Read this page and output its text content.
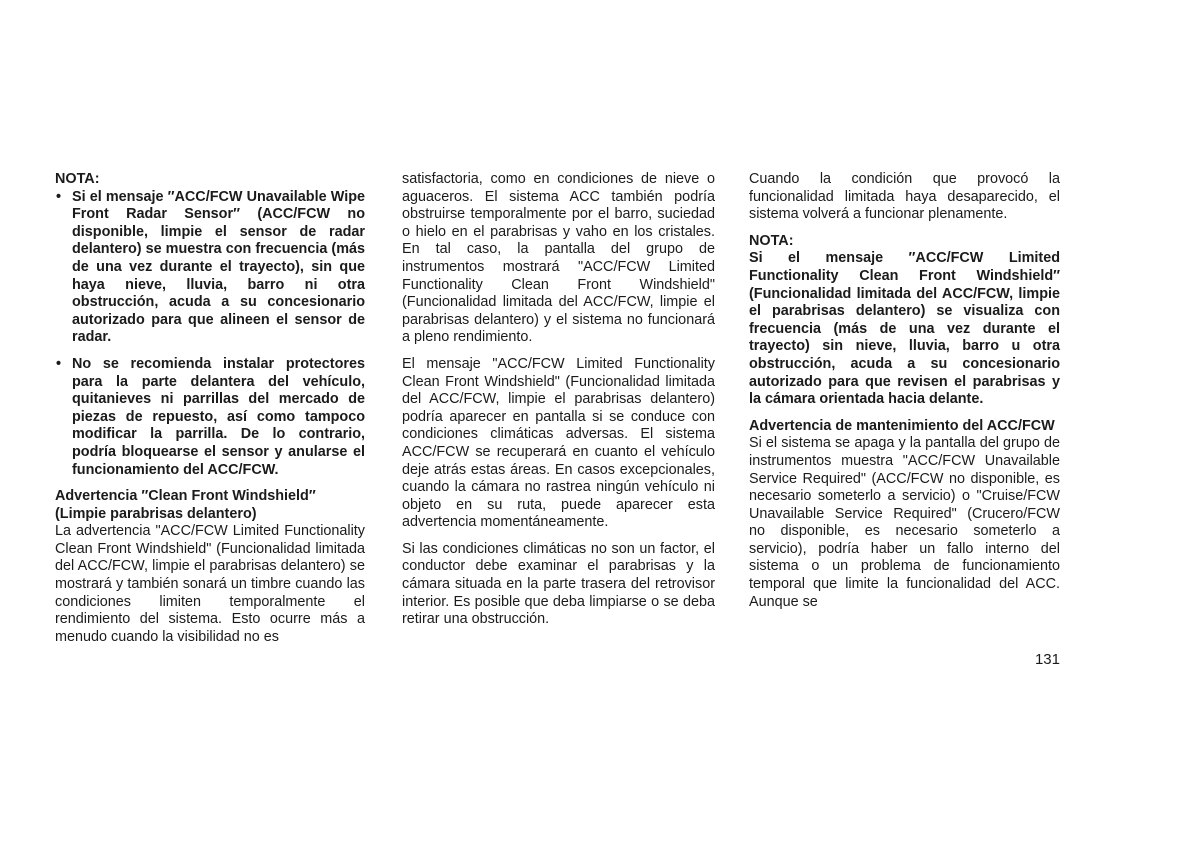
NOTA:

• Si el mensaje ″ACC/FCW Unavailable Wipe Front Radar Sensor″ (ACC/FCW no disponible, limpie el sensor de radar delantero) se muestra con frecuencia (más de una vez durante el trayecto), sin que haya nieve, lluvia, barro ni otra obstrucción, acuda a su concesionario autorizado para que alineen el sensor de radar.
• No se recomienda instalar protectores para la parte delantera del vehículo, quitanieves ni parrillas del mercado de piezas de repuesto, así como tampoco modificar la parrilla. De lo contrario, podría bloquearse el sensor y anularse el funcionamiento del ACC/FCW.

Advertencia ″Clean Front Windshield″ (Limpie parabrisas delantero)

La advertencia "ACC/FCW Limited Functionality Clean Front Windshield" (Funcionalidad limitada del ACC/FCW, limpie el parabrisas delantero) se mostrará y también sonará un timbre cuando las condiciones limiten temporalmente el rendimiento del sistema. Esto ocurre más a menudo cuando la visibilidad no es

satisfactoria, como en condiciones de nieve o aguaceros. El sistema ACC también podría obstruirse temporalmente por el barro, suciedad o hielo en el parabrisas y vaho en los cristales. En tal caso, la pantalla del grupo de instrumentos mostrará "ACC/FCW Limited Functionality Clean Front Windshield" (Funcionalidad limitada del ACC/FCW, limpie el parabrisas delantero) y el sistema no funcionará a pleno rendimiento.

El mensaje "ACC/FCW Limited Functionality Clean Front Windshield" (Funcionalidad limitada del ACC/FCW, limpie el parabrisas delantero) podría aparecer en pantalla si se conduce con condiciones climáticas adversas. El sistema ACC/FCW se recuperará en cuanto el vehículo deje atrás estas áreas. En casos excepcionales, cuando la cámara no rastrea ningún vehículo ni objeto en su ruta, puede aparecer esta advertencia momentáneamente.

Si las condiciones climáticas no son un factor, el conductor debe examinar el parabrisas y la cámara situada en la parte trasera del retrovisor interior. Es posible que deba limpiarse o se deba retirar una obstrucción.

Cuando la condición que provocó la funcionalidad limitada haya desaparecido, el sistema volverá a funcionar plenamente.

NOTA:

Si el mensaje ″ACC/FCW Limited Functionality Clean Front Windshield″ (Funcionalidad limitada del ACC/FCW, limpie el parabrisas delantero) se visualiza con frecuencia (más de una vez durante el trayecto) sin nieve, lluvia, barro u otra obstrucción, acuda a su concesionario autorizado para que revisen el parabrisas y la cámara orientada hacia delante.

Advertencia de mantenimiento del ACC/FCW

Si el sistema se apaga y la pantalla del grupo de instrumentos muestra "ACC/FCW Unavailable Service Required" (ACC/FCW no disponible, es necesario someterlo a servicio) o "Cruise/FCW Unavailable Service Required" (Crucero/FCW no disponible, es necesario someterlo a servicio), podría haber un fallo interno del sistema o un problema de funcionamiento temporal que limite la funcionalidad del ACC. Aunque se

131
